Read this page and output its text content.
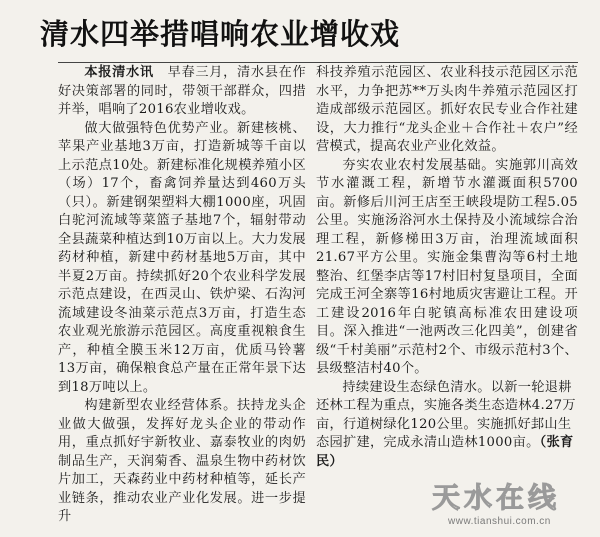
清水四举措唱响农业增收戏

本报清水讯　 早春三月，清水县在作好决策部署的同时，带领干部群众，四措并举，唱响了2016农业增收戏。

做大做强特色优势产业。新建核桃、苹果产业基地3万亩，打造新城等千亩以上示范点10处。新建标准化规模养殖小区（场）17个，畜禽饲养量达到460万头（只）。新建钢架塑料大棚1000座，巩固白驼河流域等菜篮子基地7个，辐射带动全县蔬菜种植达到10万亩以上。大力发展药材种植，新建中药材基地5万亩，其中半夏2万亩。持续抓好20个农业科学发展示范点建设，在西灵山、铁炉梁、石沟河流域建设冬油菜示范点3万亩，打造生态农业观光旅游示范园区。高度重视粮食生产，种植全膜玉米12万亩，优质马铃薯13万亩，确保粮食总产量在正常年景下达到18万吨以上。

构建新型农业经营体系。扶持龙头企业做大做强，发挥好龙头企业的带动作用，重点抓好宇新牧业、嘉泰牧业的肉奶制品生产，天润菊香、温泉生物中药材饮片加工，天森药业中药材种植等，延长产业链条，推动农业产业化发展。进一步提升

科技养殖示范园区、农业科技示范园区示范水平，力争把苏**万头肉牛养殖示范园区打造成部级示范园区。抓好农民专业合作社建设，大力推行“龙头企业＋合作社＋农户”经营模式，提高农业产业化效益。

夯实农业农村发展基础。实施郭川高效节水灌溉工程，新增节水灌溉面积5700亩。新修后川河王店至王峡段堤防工程5.05公里。实施汤浴河水土保持及小流域综合治理工程，新修梯田3万亩，治理流域面积21.67平方公里。实施金集曹沟等6村土地整治、红堡李店等17村旧村复垦项目，全面完成王河全寨等16村地质灾害避让工程。开工建设2016年白驼镇高标准农田建设项目。深入推进“一池两改三化四美”，创建省级“千村美丽”示范村2个、市级示范村3个、县级整洁村40个。

持续建设生态绿色清水。以新一轮退耕还林工程为重点，实施各类生态造林4.27万亩，行道树绿化120公里。实施抓好邽山生态园扩建，完成永清山造林1000亩。（张育民）

天水在线
www.tianshui.com.cn
